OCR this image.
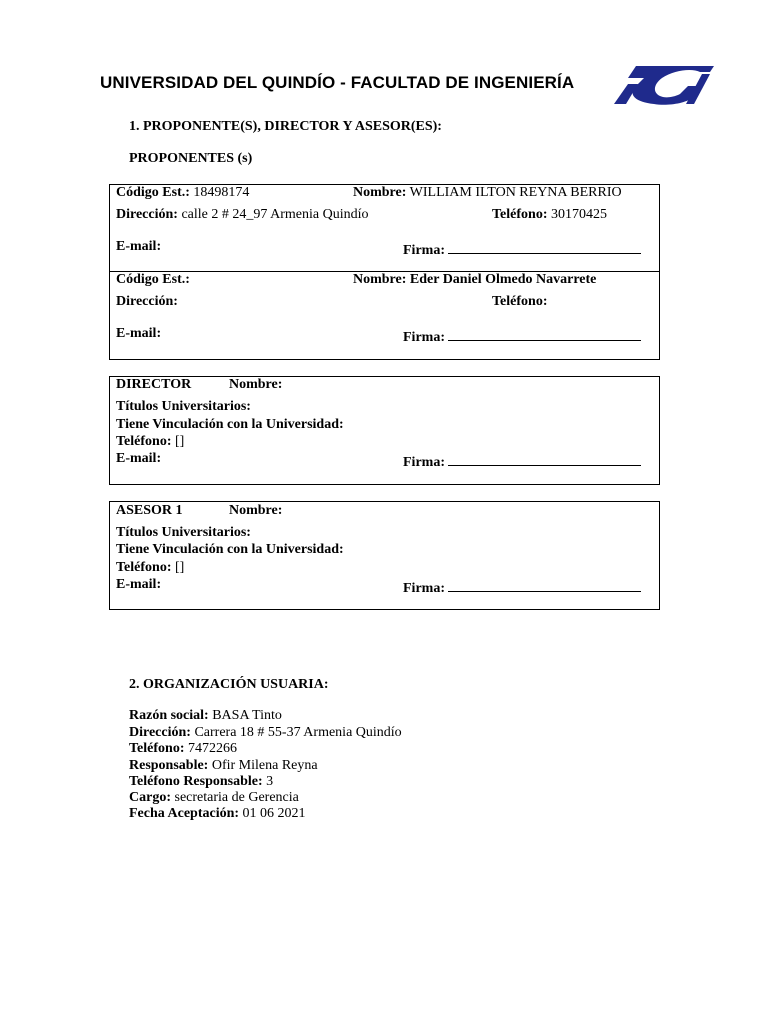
UNIVERSIDAD DEL QUINDÍO - FACULTAD DE INGENIERÍA
1. PROPONENTE(S), DIRECTOR Y ASESOR(ES):
PROPONENTES (s)
Código Est.: 18498174	Nombre: WILLIAM ILTON REYNA BERRIO
Dirección: calle 2 # 24_97 Armenia Quindío	Teléfono: 30170425
E-mail:	Firma:
Código Est.:	Nombre: Eder Daniel Olmedo Navarrete
Dirección:	Teléfono:
E-mail:	Firma:
DIRECTOR	Nombre:
Títulos Universitarios:
Tiene Vinculación con la Universidad:
Teléfono: []
E-mail:	Firma:
ASESOR 1	Nombre:
Títulos Universitarios:
Tiene Vinculación con la Universidad:
Teléfono: []
E-mail:	Firma:
2. ORGANIZACIÓN USUARIA:
Razón social: BASA Tinto
Dirección: Carrera 18 # 55-37 Armenia Quindío
Teléfono: 7472266
Responsable: Ofir Milena Reyna
Teléfono Responsable: 3
Cargo: secretaria de Gerencia
Fecha Aceptación: 01 06 2021
